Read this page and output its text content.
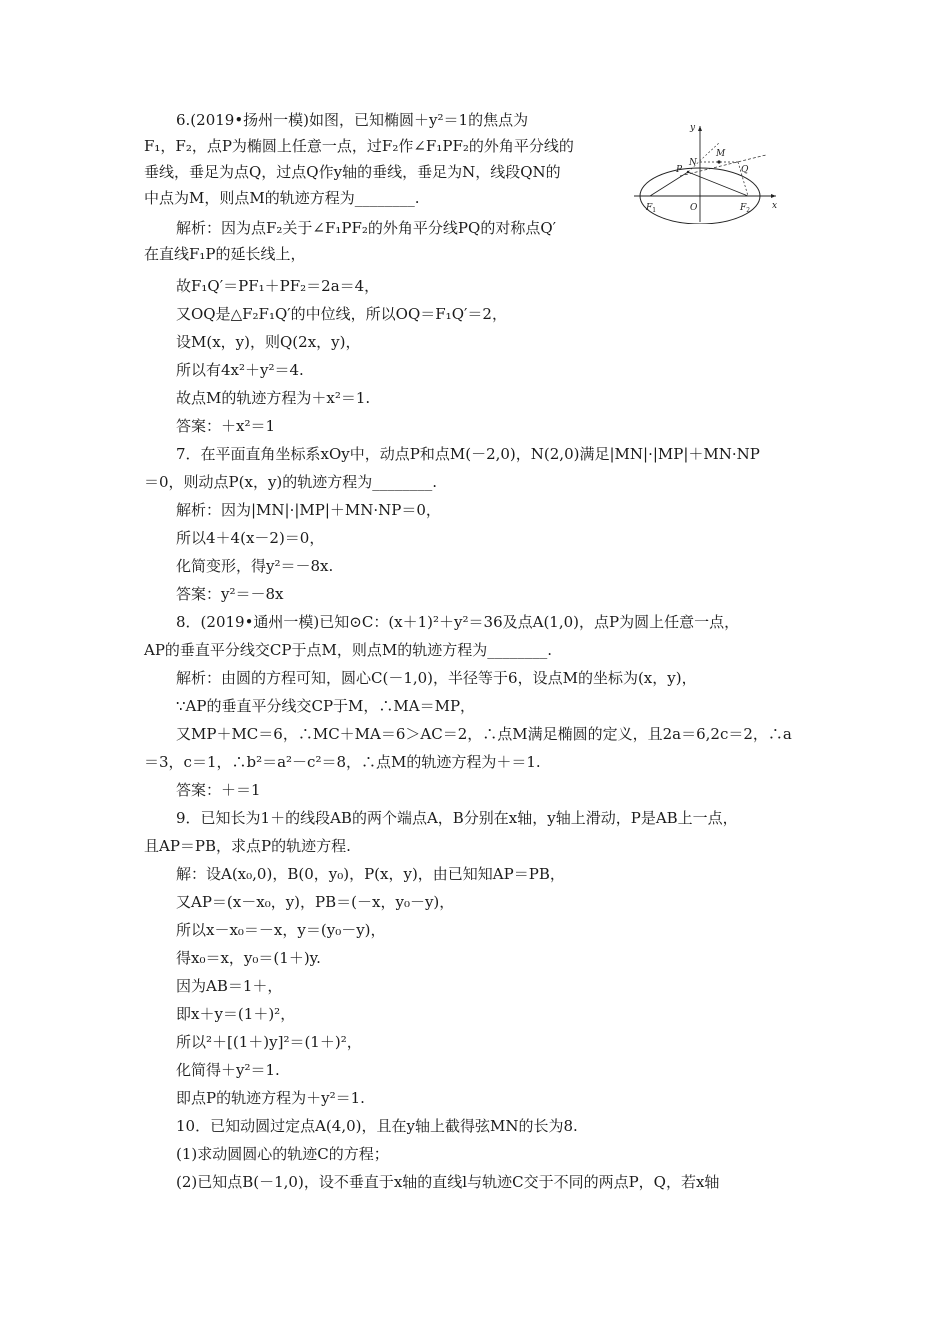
6.(2019•扬州一模)如图，已知椭圆＋y²＝1的焦点为
F₁，F₂，点P为椭圆上任意一点，过F₂作∠F₁PF₂的外角平分线的
垂线，垂足为点Q，过点Q作y轴的垂线，垂足为N，线段QN的
中点为M，则点M的轨迹方程为________.
解析：因为点F₂关于∠F₁PF₂的外角平分线PQ的对称点Q′
在直线F₁P的延长线上，
故F₁Q′＝PF₁＋PF₂＝2a＝4，
又OQ是△F₂F₁Q′的中位线，所以OQ＝F₁Q′＝2，
设M(x，y)，则Q(2x，y)，
所以有4x²＋y²＝4.
故点M的轨迹方程为＋x²＝1.
答案：＋x²＝1
7．在平面直角坐标系xOy中，动点P和点M(－2,0)，N(2,0)满足|MN|·|MP|＋MN·NP
＝0，则动点P(x，y)的轨迹方程为________.
解析：因为|MN|·|MP|＋MN·NP＝0，
所以4＋4(x－2)＝0，
化简变形，得y²＝－8x.
答案：y²＝－8x
8．(2019•通州一模)已知⊙C：(x＋1)²＋y²＝36及点A(1,0)，点P为圆上任意一点，
AP的垂直平分线交CP于点M，则点M的轨迹方程为________.
解析：由圆的方程可知，圆心C(－1,0)，半径等于6，设点M的坐标为(x，y)，
∵AP的垂直平分线交CP于M，∴MA＝MP，
又MP＋MC＝6，∴MC＋MA＝6＞AC＝2，∴点M满足椭圆的定义，且2a＝6,2c＝2，∴a
＝3，c＝1，∴b²＝a²－c²＝8，∴点M的轨迹方程为＋＝1.
答案：＋＝1
9．已知长为1＋的线段AB的两个端点A，B分别在x轴，y轴上滑动，P是AB上一点，
且AP＝PB，求点P的轨迹方程.
解：设A(x₀,0)，B(0，y₀)，P(x，y)，由已知知AP＝PB，
又AP＝(x－x₀，y)，PB＝(－x，y₀－y)，
所以x－x₀＝－x，y＝(y₀－y)，
得x₀＝x，y₀＝(1＋)y.
因为AB＝1＋，
即x＋y＝(1＋)²，
所以²＋[(1＋)y]²＝(1＋)²，
化简得＋y²＝1.
即点P的轨迹方程为＋y²＝1.
10．已知动圆过定点A(4,0)，且在y轴上截得弦MN的长为8.
(1)求动圆圆心的轨迹C的方程；
(2)已知点B(－1,0)，设不垂直于x轴的直线l与轨迹C交于不同的两点P，Q，若x轴
y
x
O
P
N
M
Q
$F_1$	$F_2$
